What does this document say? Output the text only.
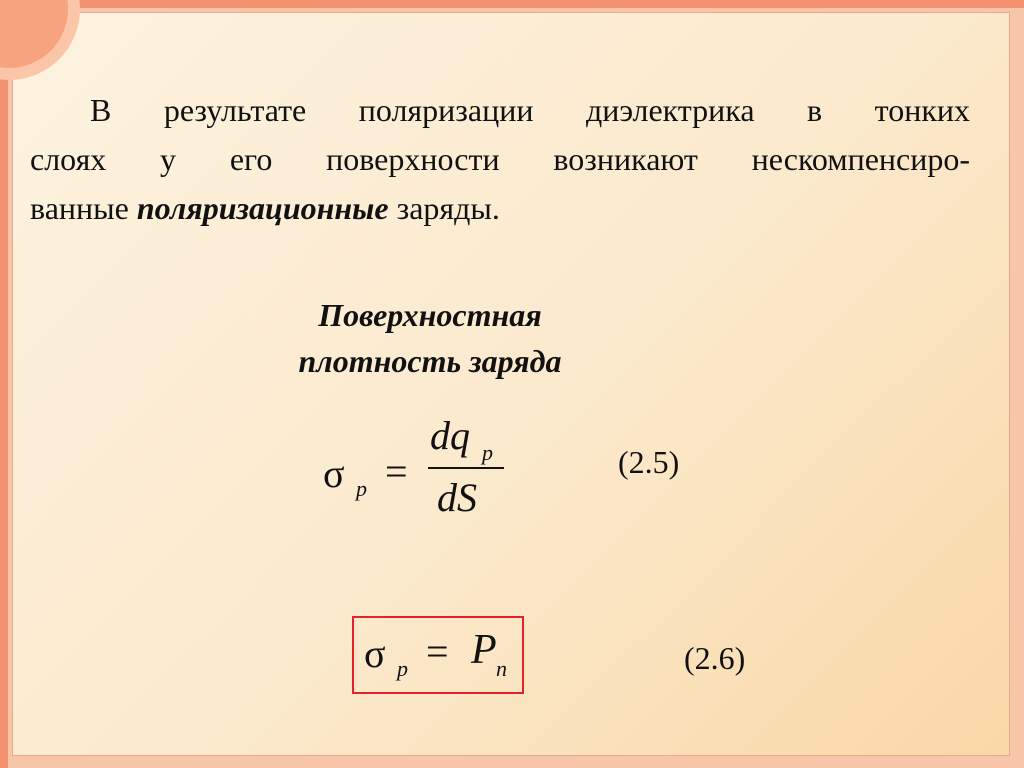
В результате поляризации диэлектрика в тонких
слоях у его поверхности возникают нескомпенсиро-
ванные поляризационные заряды.
Поверхностная
плотность заряда
σ p =
dq p
dS
(2.5)
σ p = P n	(2.6)
